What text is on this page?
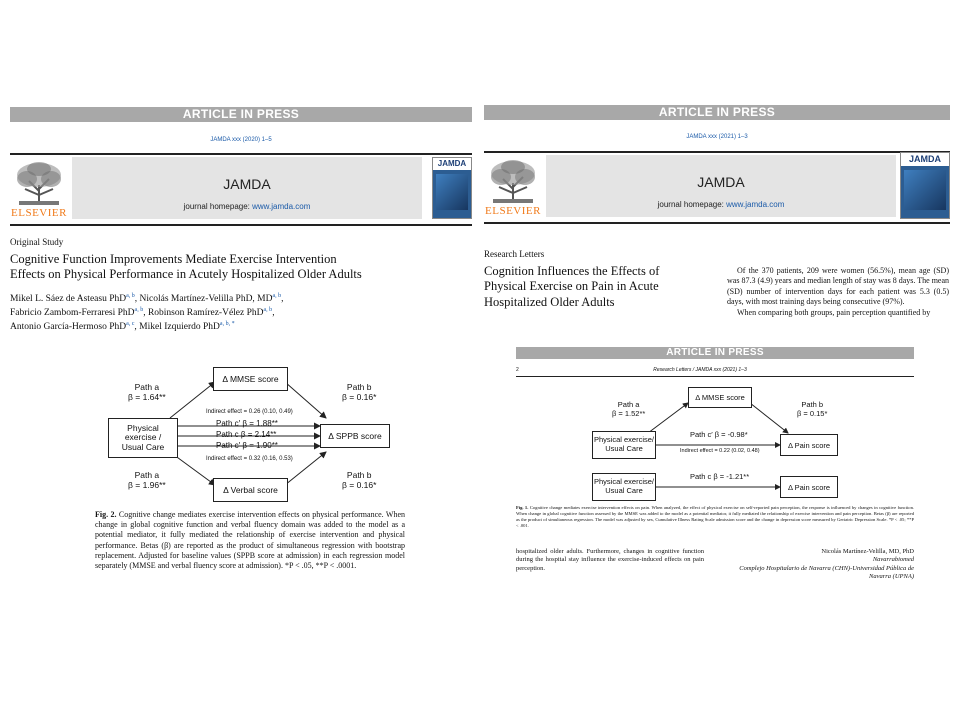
ARTICLE IN PRESS
JAMDA xxx (2020) 1–5
ELSEVIER
JAMDA
journal homepage: www.jamda.com
JAMDA
Original Study
Cognitive Function Improvements Mediate Exercise Intervention
Effects on Physical Performance in Acutely Hospitalized Older Adults
Mikel L. Sáez de Asteasu PhD$^{a, b}$, Nicolás Martínez-Velilla PhD, MD$^{a, b}$,
Fabricio Zambom-Ferraresi PhD$^{a, b}$, Robinson Ramírez-Vélez PhD$^{a, b}$,
Antonio García-Hermoso PhD$^{a, c}$, Mikel Izquierdo PhD$^{a, b, *}$
Δ MMSE score
Δ Verbal score
Δ SPPB score
Physical
exercise /
Usual Care
Path a
β = 1.64**
Path b
β = 0.16*
Path a
β = 1.96**
Path b
β = 0.16*
Indirect effect = 0.26 (0.10, 0.49)
Path c′ β = 1.88**
Path c β = 2.14**
Path c′ β = 1.90**
Indirect effect = 0.32 (0.16, 0.53)
Fig. 2. Cognitive change mediates exercise intervention effects on physical performance. When change in global cognitive function and verbal fluency domain was added to the model as a potential mediator, it fully mediated the relationship of exercise intervention and physical performance. Betas (β) are reported as the product of simultaneous regression with bootstrap replacement. Adjusted for baseline values (SPPB score at admission) in each regression model separately (MMSE and verbal fluency score at admission). *P < .05, **P < .0001.
ARTICLE IN PRESS
JAMDA xxx (2021) 1–3
ELSEVIER
JAMDA
journal homepage: www.jamda.com
JAMDA
Research Letters
Cognition Influences the Effects of
Physical Exercise on Pain in Acute
Hospitalized Older Adults
Of the 370 patients, 209 were women (56.5%), mean age (SD) was 87.3 (4.9) years and median length of stay was 8 days. The mean (SD) number of intervention days for each patient was 5.3 (0.5) days, with most training days being consecutive (97%).
When comparing both groups, pain perception quantified by
ARTICLE IN PRESS
2	Research Letters / JAMDA xxx (2021) 1–3
Δ MMSE score
Physical exercise/
Usual Care	Δ Pain score
Physical exercise/
Usual Care	Δ Pain score
Path a
β = 1.52**
Path b
β = 0.15*
Path c′ β = -0.98*
Indirect effect = 0.22 (0.02, 0.48)
Path c β = -1.21**
Fig. 1. Cognitive change mediates exercise intervention effects on pain. When analyzed, the effect of physical exercise on self-reported pain perception, the response is influenced by changes in cognitive function. When change in global cognitive function assessed by the MMSE was added to the model as a potential mediator, it fully mediated the relationship of exercise intervention and pain perception. Betas (β) are reported as the product of simultaneous regression. The model was adjusted by sex, Cumulative Illness Rating Scale admission score and the change in depression score measured by Geriatric Depression Scale. *P < .05; **P < .001.
hospitalized older adults. Furthermore, changes in cognitive function during the hospital stay influence the exercise-induced effects on pain perception.
Nicolás Martínez-Velilla, MD, PhD
Navarrabiomed
Complejo Hospitalario de Navarra (CHN)-Universidad Pública de
Navarra (UPNA)
